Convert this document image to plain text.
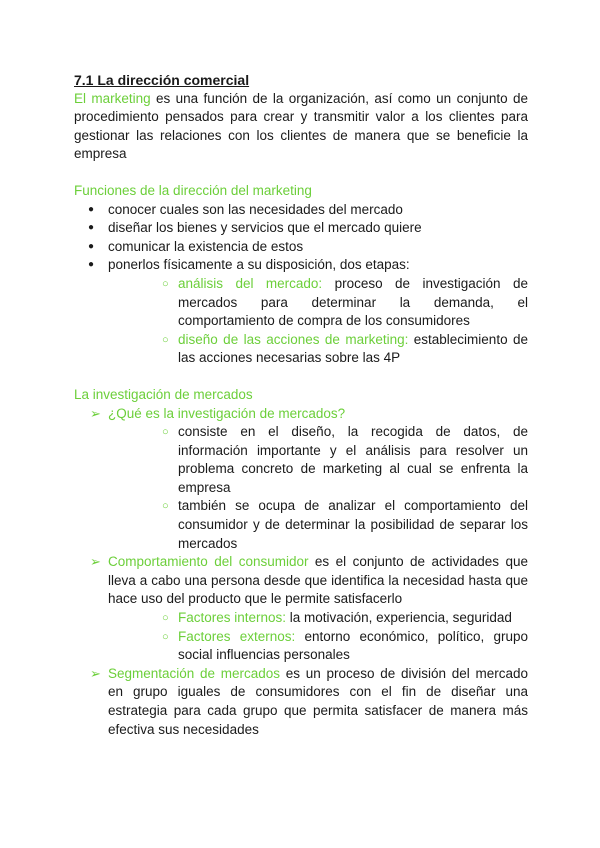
7.1 La dirección comercial

El marketing es una función de la organización, así como un conjunto de procedimiento pensados para crear y transmitir valor a los clientes para gestionar las relaciones con los clientes de manera que se beneficie la empresa

Funciones de la dirección del marketing

● conocer cuales son las necesidades del mercado
● diseñar los bienes y servicios que el mercado quiere
● comunicar la existencia de estos
● ponerlos físicamente a su disposición, dos etapas:
○ análisis del mercado: proceso de investigación de mercados para determinar la demanda, el comportamiento de compra de los consumidores
○ diseño de las acciones de marketing: establecimiento de las acciones necesarias sobre las 4P

La investigación de mercados

➢ ¿Qué es la investigación de mercados?
○ consiste en el diseño, la recogida de datos, de información importante y el análisis para resolver un problema concreto de marketing al cual se enfrenta la empresa
○ también se ocupa de analizar el comportamiento del consumidor y de determinar la posibilidad de separar los mercados
➢ Comportamiento del consumidor es el conjunto de actividades que lleva a cabo una persona desde que identifica la necesidad hasta que hace uso del producto que le permite satisfacerlo
○ Factores internos: la motivación, experiencia, seguridad
○ Factores externos: entorno económico, político, grupo social influencias personales
➢ Segmentación de mercados es un proceso de división del mercado en grupo iguales de consumidores con el fin de diseñar una estrategia para cada grupo que permita satisfacer de manera más efectiva sus necesidades
